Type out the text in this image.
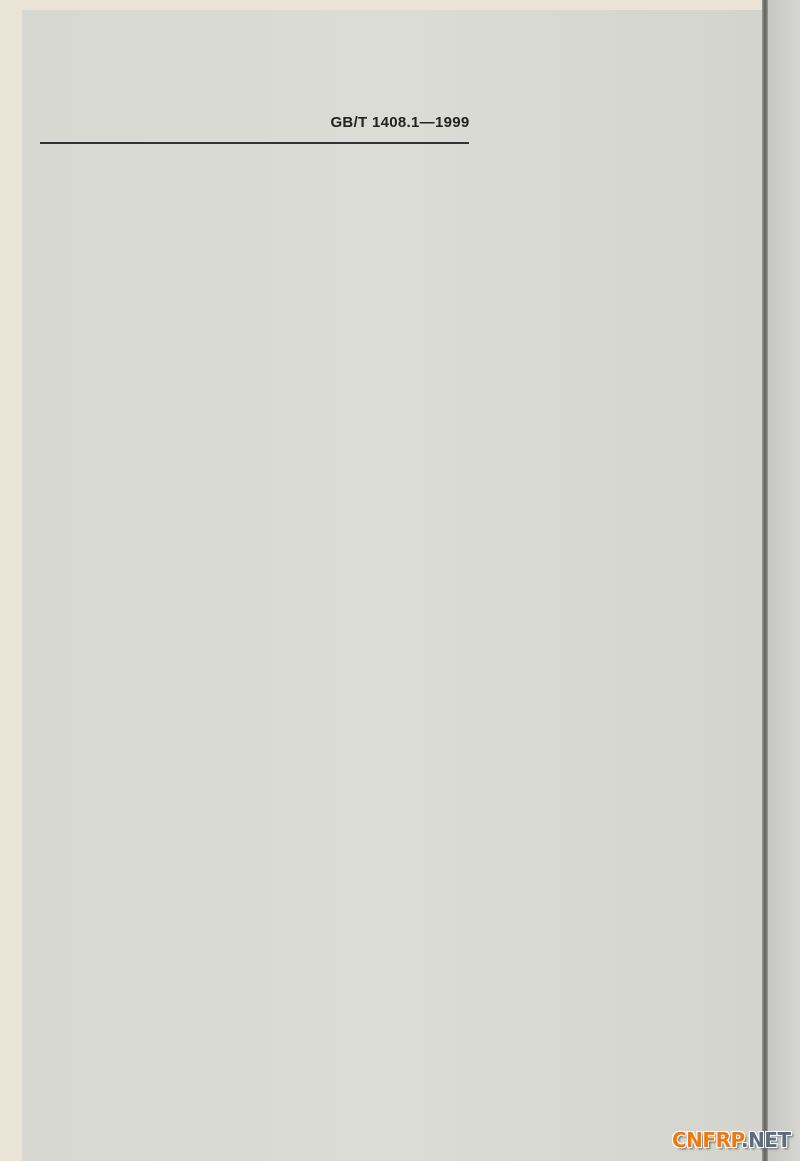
GB/T 1408.1—1999
CNFRP.NET
